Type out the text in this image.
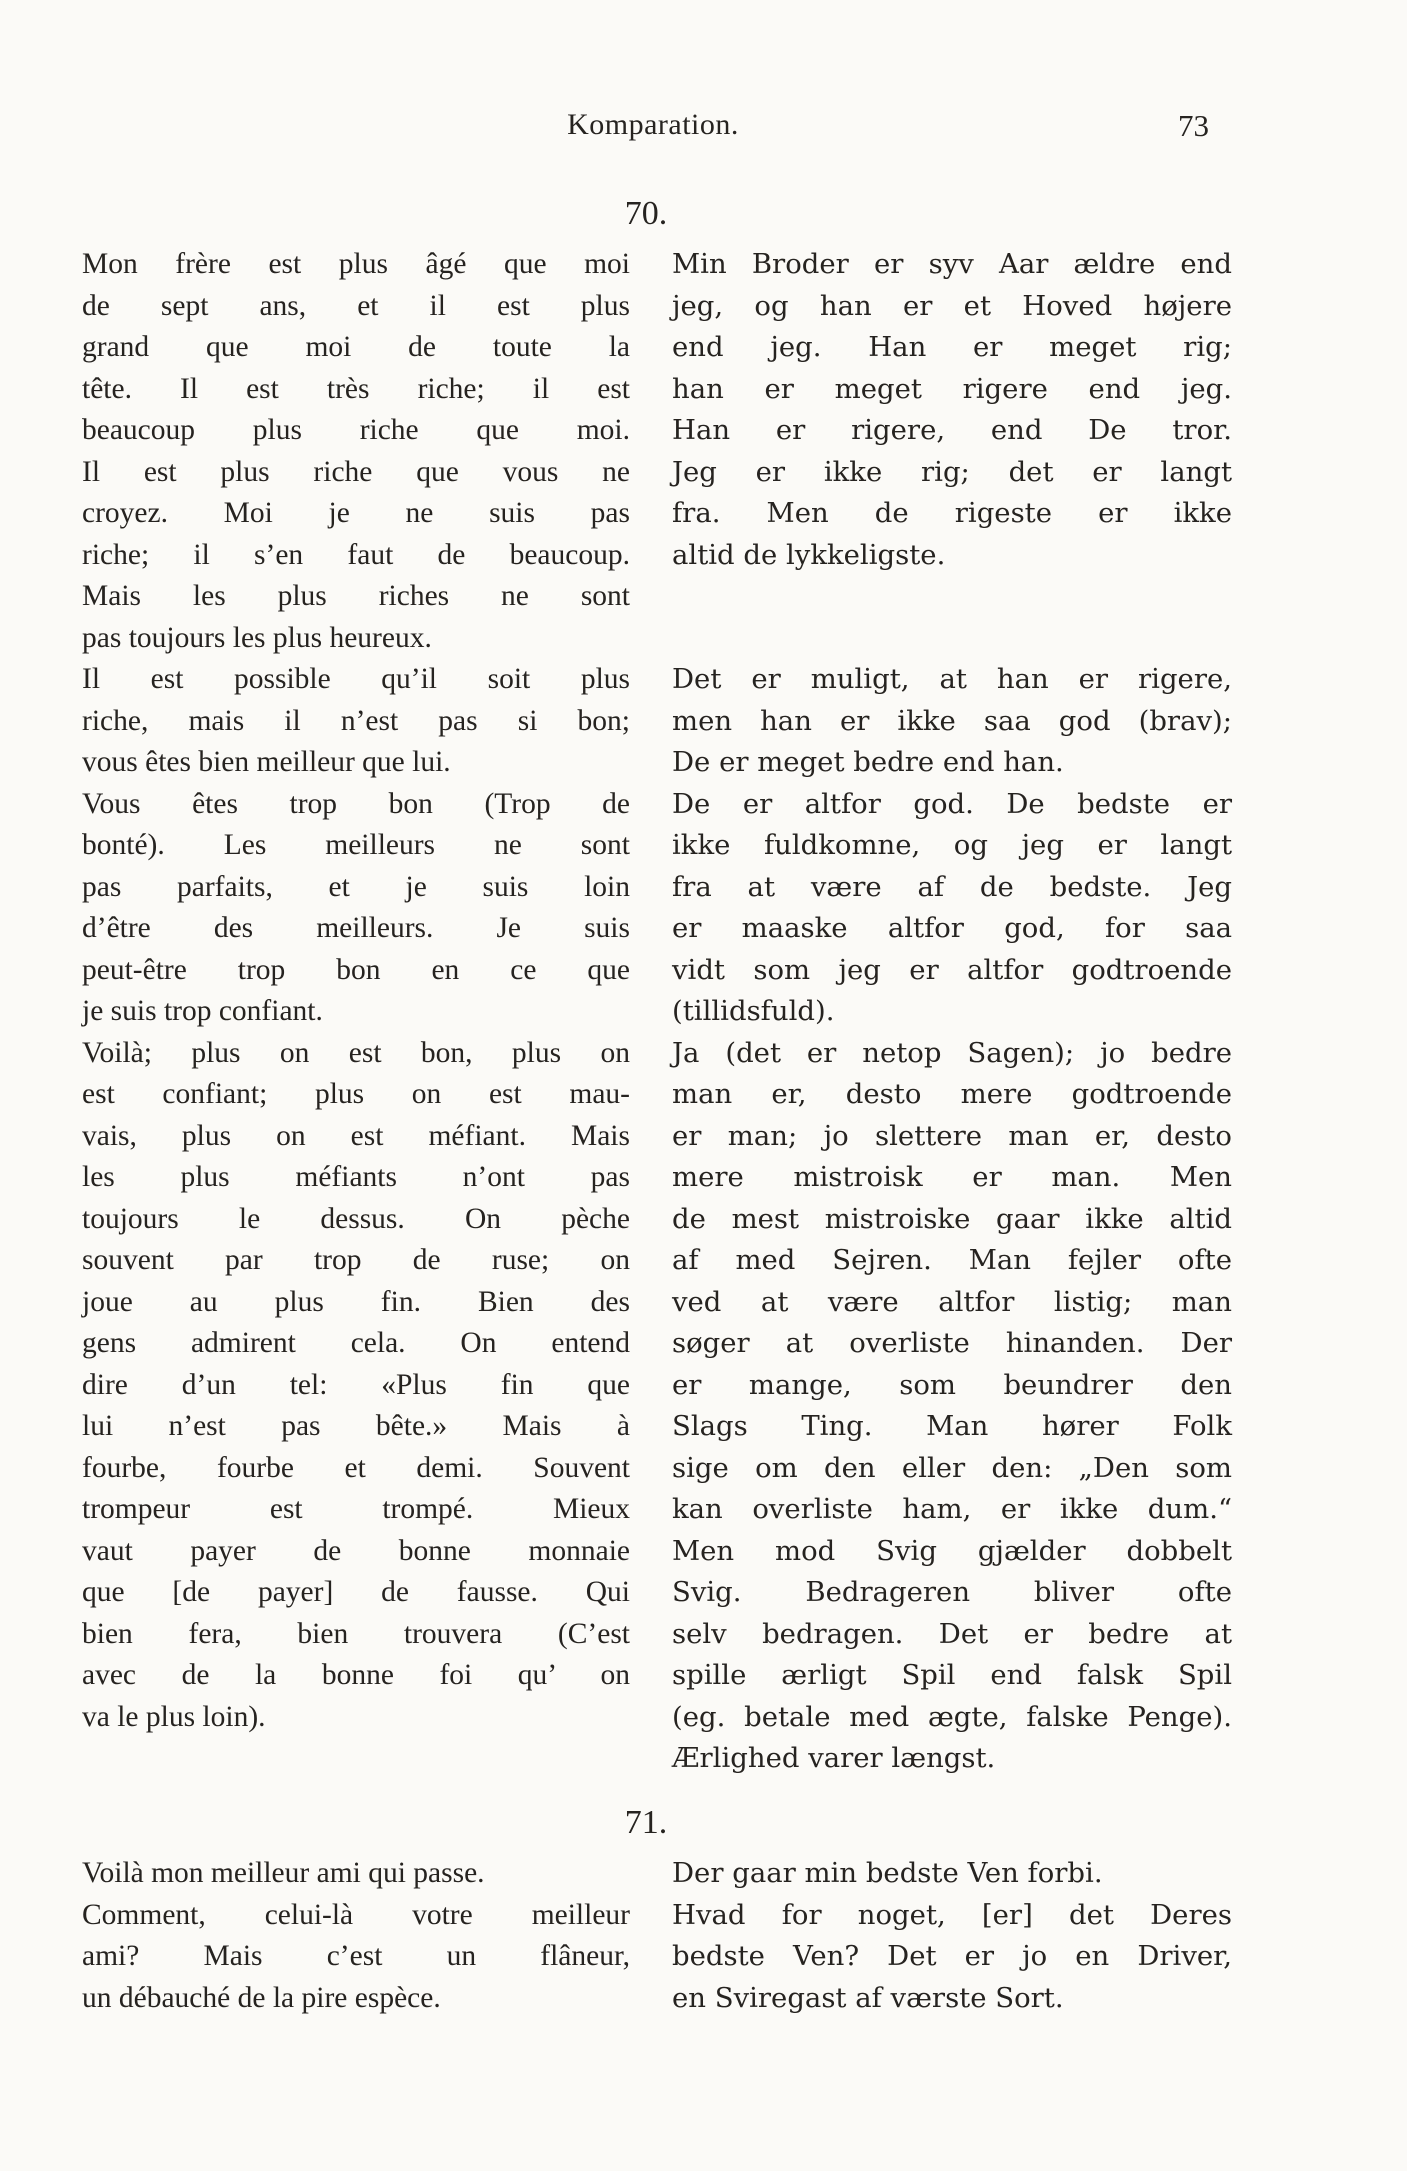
Komparation.	73
70.
Mon frère est plus âgé que moi
de sept ans, et il est plus
grand que moi de toute la
tête. Il est très riche; il est
beaucoup plus riche que moi.
Il est plus riche que vous ne
croyez. Moi je ne suis pas
riche; il s’en faut de beaucoup.
Mais les plus riches ne sont
pas toujours les plus heureux.
Il est possible qu’il soit plus
riche, mais il n’est pas si bon;
vous êtes bien meilleur que lui.
Vous êtes trop bon (Trop de
bonté). Les meilleurs ne sont
pas parfaits, et je suis loin
d’être des meilleurs. Je suis
peut-être trop bon en ce que
je suis trop confiant.
Voilà; plus on est bon, plus on
est confiant; plus on est mau-
vais, plus on est méfiant. Mais
les plus méfiants n’ont pas
toujours le dessus. On pèche
souvent par trop de ruse; on
joue au plus fin. Bien des
gens admirent cela. On entend
dire d’un tel: «Plus fin que
lui n’est pas bête.» Mais à
fourbe, fourbe et demi. Souvent
trompeur est trompé. Mieux
vaut payer de bonne monnaie
que [de payer] de fausse. Qui
bien fera, bien trouvera (C’est
avec de la bonne foi qu’ on
va le plus loin).
Min Broder er syv Aar ældre end
jeg, og han er et Hoved højere
end jeg. Han er meget rig;
han er meget rigere end jeg.
Han er rigere, end De tror.
Jeg er ikke rig; det er langt
fra. Men de rigeste er ikke
altid de lykkeligste.
Det er muligt, at han er rigere,
men han er ikke saa god (brav);
De er meget bedre end han.
De er altfor god. De bedste er
ikke fuldkomne, og jeg er langt
fra at være af de bedste. Jeg
er maaske altfor god, for saa
vidt som jeg er altfor godtroende
(tillidsfuld).
Ja (det er netop Sagen); jo bedre
man er, desto mere godtroende
er man; jo slettere man er, desto
mere mistroisk er man. Men
de mest mistroiske gaar ikke altid
af med Sejren. Man fejler ofte
ved at være altfor listig; man
søger at overliste hinanden. Der
er mange, som beundrer den
Slags Ting. Man hører Folk
sige om den eller den: „Den som
kan overliste ham, er ikke dum.“
Men mod Svig gjælder dobbelt
Svig. Bedrageren bliver ofte
selv bedragen. Det er bedre at
spille ærligt Spil end falsk Spil
(eg. betale med ægte, falske Penge).
Ærlighed varer længst.
71.
Voilà mon meilleur ami qui passe.
Comment, celui-là votre meilleur
ami? Mais c’est un flâneur,
un débauché de la pire espèce.
Der gaar min bedste Ven forbi.
Hvad for noget, [er] det Deres
bedste Ven? Det er jo en Driver,
en Sviregast af værste Sort.
